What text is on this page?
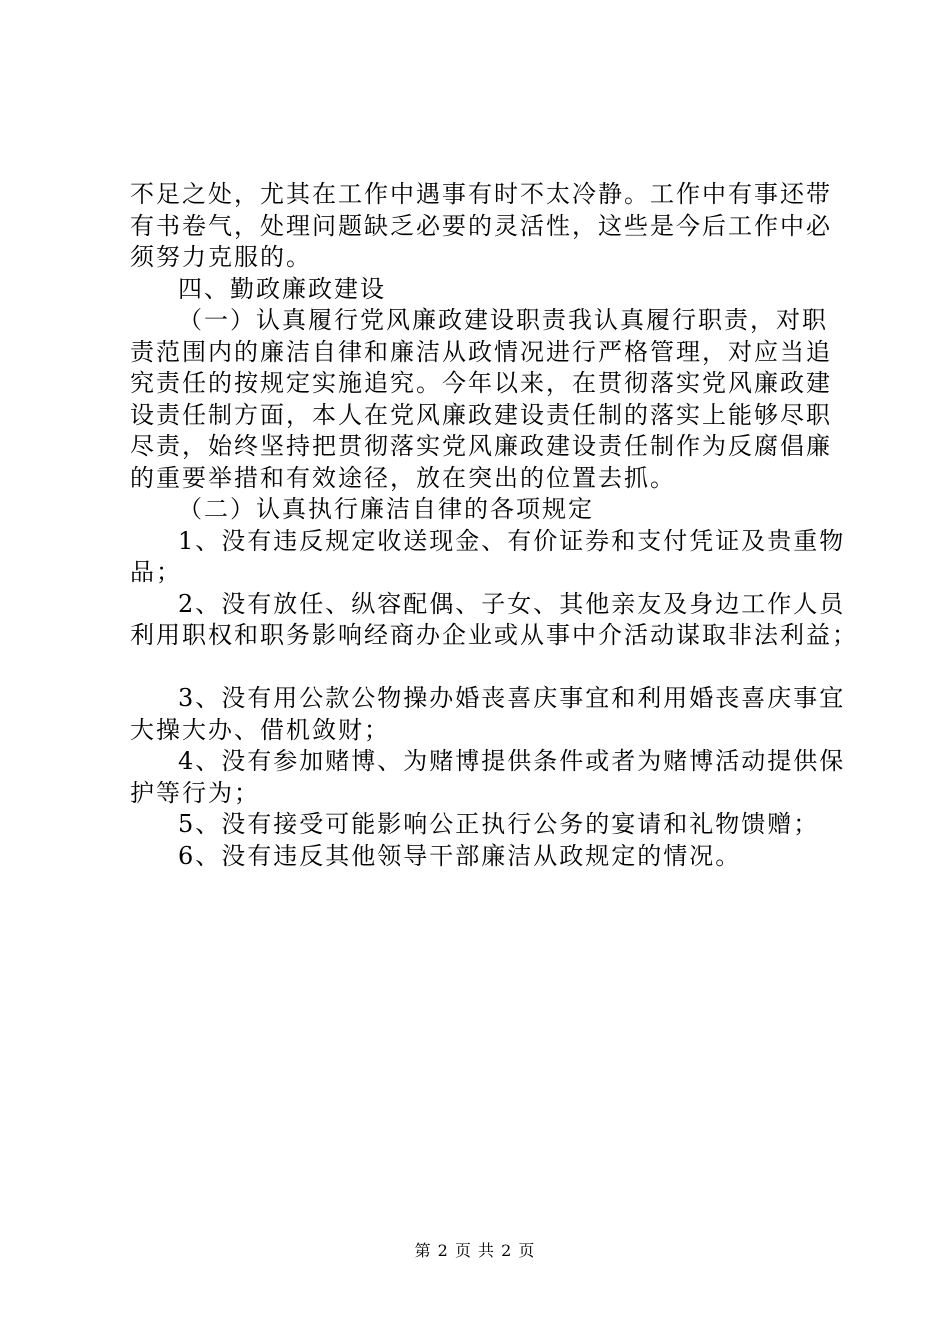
不足之处，尤其在工作中遇事有时不太冷静。工作中有事还带
有书卷气，处理问题缺乏必要的灵活性，这些是今后工作中必
须努力克服的。
四、勤政廉政建设
（一）认真履行党风廉政建设职责我认真履行职责，对职
责范围内的廉洁自律和廉洁从政情况进行严格管理，对应当追
究责任的按规定实施追究。今年以来，在贯彻落实党风廉政建
设责任制方面，本人在党风廉政建设责任制的落实上能够尽职
尽责，始终坚持把贯彻落实党风廉政建设责任制作为反腐倡廉
的重要举措和有效途径，放在突出的位置去抓。
（二）认真执行廉洁自律的各项规定
1、没有违反规定收送现金、有价证券和支付凭证及贵重物
品；
2、没有放任、纵容配偶、子女、其他亲友及身边工作人员
利用职权和职务影响经商办企业或从事中介活动谋取非法利益；
3、没有用公款公物操办婚丧喜庆事宜和利用婚丧喜庆事宜
大操大办、借机敛财；
4、没有参加赌博、为赌博提供条件或者为赌博活动提供保
护等行为；
5、没有接受可能影响公正执行公务的宴请和礼物馈赠；
6、没有违反其他领导干部廉洁从政规定的情况。
第 2 页 共 2 页
